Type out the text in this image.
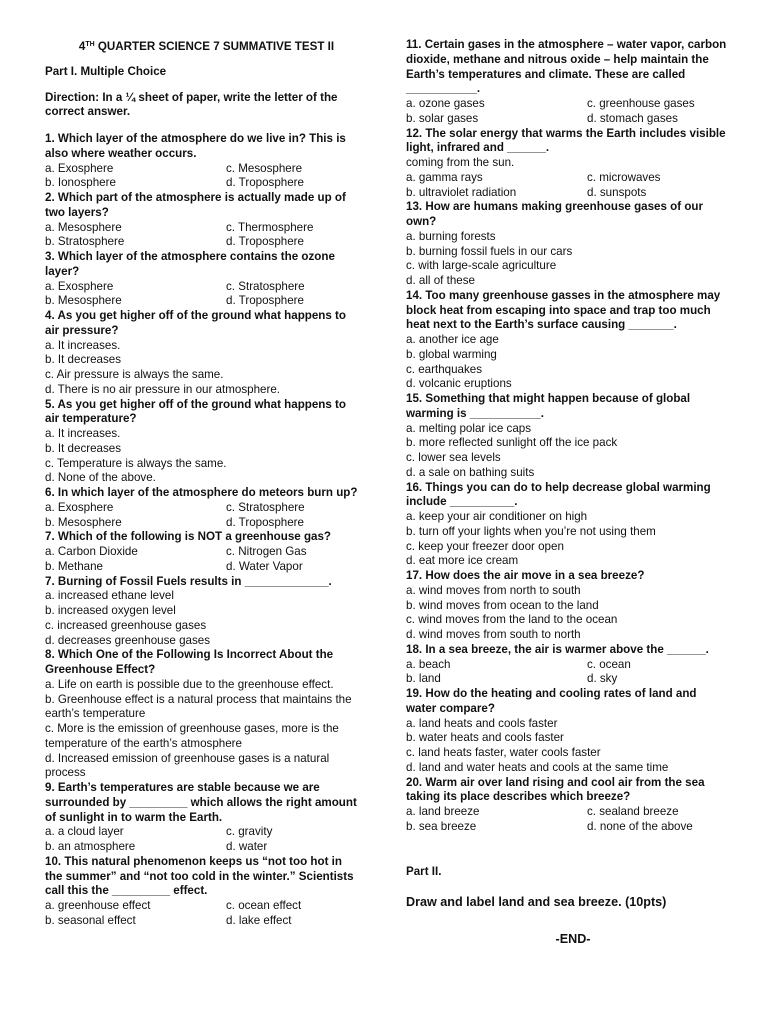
4TH QUARTER SCIENCE 7 SUMMATIVE TEST II
Part I. Multiple Choice
Direction: In a ¼ sheet of paper, write the letter of the correct answer.
1. Which layer of the atmosphere do we live in? This is also where weather occurs.
a. Exosphere	c. Mesosphere
b. Ionosphere	d. Troposphere
2. Which part of the atmosphere is actually made up of two layers?
a. Mesosphere	c. Thermosphere
b. Stratosphere	d. Troposphere
3. Which layer of the atmosphere contains the ozone layer?
a. Exosphere	c. Stratosphere
b. Mesosphere	d. Troposphere
4. As you get higher off of the ground what happens to air pressure?
a. It increases.
b. It decreases
c. Air pressure is always the same.
d. There is no air pressure in our atmosphere.
5. As you get higher off of the ground what happens to air temperature?
a. It increases.
b. It decreases
c. Temperature is always the same.
d. None of the above.
6. In which layer of the atmosphere do meteors burn up?
a. Exosphere	c. Stratosphere
b. Mesosphere	d. Troposphere
7. Which of the following is NOT a greenhouse gas?
a. Carbon Dioxide	c. Nitrogen Gas
b. Methane	d. Water Vapor
7. Burning of Fossil Fuels results in _____________.
a. increased ethane level
b. increased oxygen level
c. increased greenhouse gases
d. decreases greenhouse gases
8. Which One of the Following Is Incorrect About the Greenhouse Effect?
a. Life on earth is possible due to the greenhouse effect.
b. Greenhouse effect is a natural process that maintains the earth’s temperature
c. More is the emission of greenhouse gases, more is the temperature of the earth’s atmosphere
d. Increased emission of greenhouse gases is a natural process
9. Earth’s temperatures are stable because we are surrounded by _________ which allows the right amount of sunlight in to warm the Earth.
a. a cloud layer	c. gravity
b. an atmosphere	d. water
10. This natural phenomenon keeps us “not too hot in the summer” and “not too cold in the winter.” Scientists call this the _________ effect.
a. greenhouse effect	c. ocean effect
b. seasonal effect	d. lake effect
11. Certain gases in the atmosphere – water vapor, carbon dioxide, methane and nitrous oxide – help maintain the Earth’s temperatures and climate. These are called ___________.
a. ozone gases	c. greenhouse gases
b. solar gases	d. stomach gases
12. The solar energy that warms the Earth includes visible light, infrared and ______.
coming from the sun.
a. gamma rays	c. microwaves
b. ultraviolet radiation	d. sunspots
13. How are humans making greenhouse gases of our own?
a. burning forests
b. burning fossil fuels in our cars
c. with large-scale agriculture
d. all of these
14. Too many greenhouse gasses in the atmosphere may block heat from escaping into space and trap too much heat next to the Earth’s surface causing _______.
a. another ice age
b. global warming
c. earthquakes
d. volcanic eruptions
15. Something that might happen because of global warming is ___________.
a. melting polar ice caps
b. more reflected sunlight off the ice pack
c. lower sea levels
d. a sale on bathing suits
16. Things you can do to help decrease global warming include __________.
a. keep your air conditioner on high
b. turn off your lights when you’re not using them
c. keep your freezer door open
d. eat more ice cream
17. How does the air move in a sea breeze?
a. wind moves from north to south
b. wind moves from ocean to the land
c. wind moves from the land to the ocean
d. wind moves from south to north
18. In a sea breeze, the air is warmer above the ______.
a. beach	c. ocean
b. land	d. sky
19. How do the heating and cooling rates of land and water compare?
a. land heats and cools faster
b. water heats and cools faster
c. land heats faster, water cools faster
d. land and water heats and cools at the same time
20. Warm air over land rising and cool air from the sea taking its place describes which breeze?
a. land breeze	c. sealand breeze
b. sea breeze	d. none of the above
Part II.
Draw and label land and sea breeze. (10pts)
-END-
